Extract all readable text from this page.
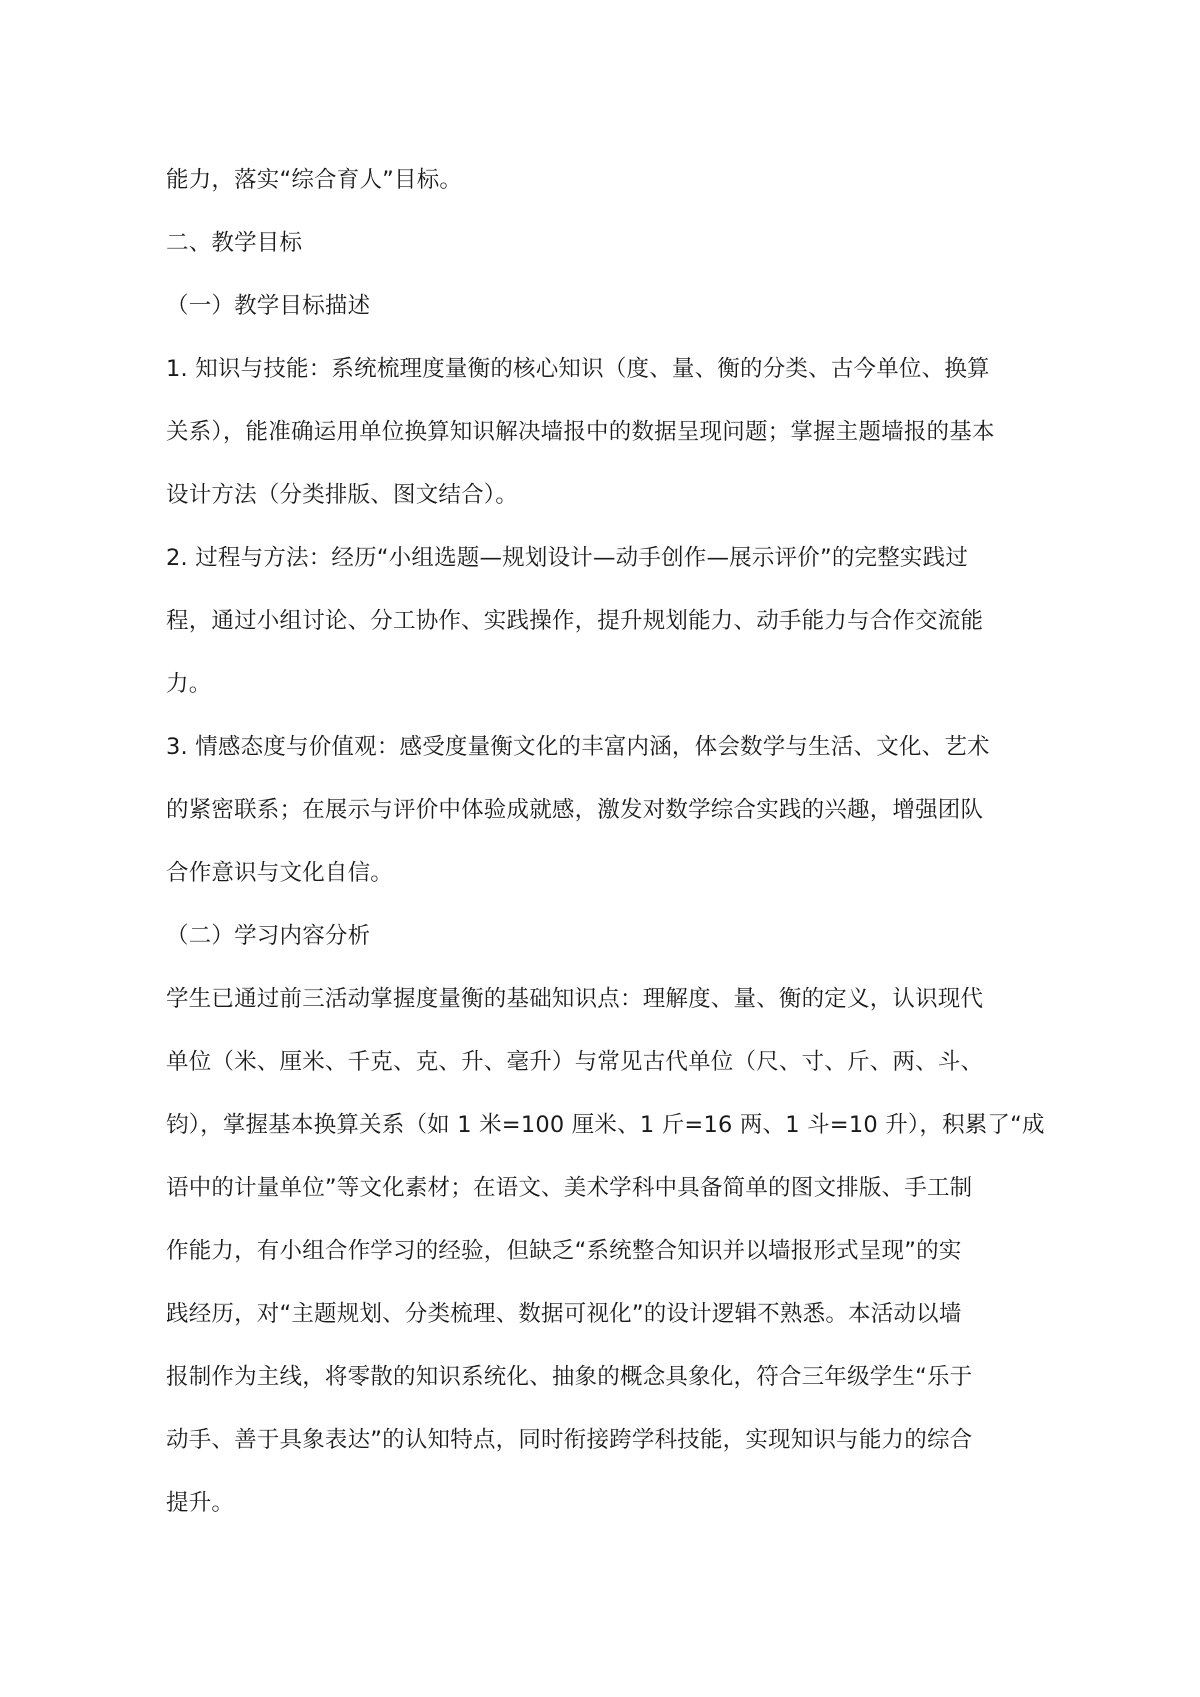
能力，落实“综合育人”目标。
二、教学目标
（一）教学目标描述
1. 知识与技能：系统梳理度量衡的核心知识（度、量、衡的分类、古今单位、换算
关系），能准确运用单位换算知识解决墙报中的数据呈现问题；掌握主题墙报的基本
设计方法（分类排版、图文结合）。
2. 过程与方法：经历“小组选题—规划设计—动手创作—展示评价”的完整实践过
程，通过小组讨论、分工协作、实践操作，提升规划能力、动手能力与合作交流能
力。
3. 情感态度与价值观：感受度量衡文化的丰富内涵，体会数学与生活、文化、艺术
的紧密联系；在展示与评价中体验成就感，激发对数学综合实践的兴趣，增强团队
合作意识与文化自信。
（二）学习内容分析
学生已通过前三活动掌握度量衡的基础知识点：理解度、量、衡的定义，认识现代
单位（米、厘米、千克、克、升、毫升）与常见古代单位（尺、寸、斤、两、斗、
钧），掌握基本换算关系（如 1 米=100 厘米、1 斤=16 两、1 斗=10 升），积累了“成
语中的计量单位”等文化素材；在语文、美术学科中具备简单的图文排版、手工制
作能力，有小组合作学习的经验，但缺乏“系统整合知识并以墙报形式呈现”的实
践经历，对“主题规划、分类梳理、数据可视化”的设计逻辑不熟悉。本活动以墙
报制作为主线，将零散的知识系统化、抽象的概念具象化，符合三年级学生“乐于
动手、善于具象表达”的认知特点，同时衔接跨学科技能，实现知识与能力的综合
提升。
